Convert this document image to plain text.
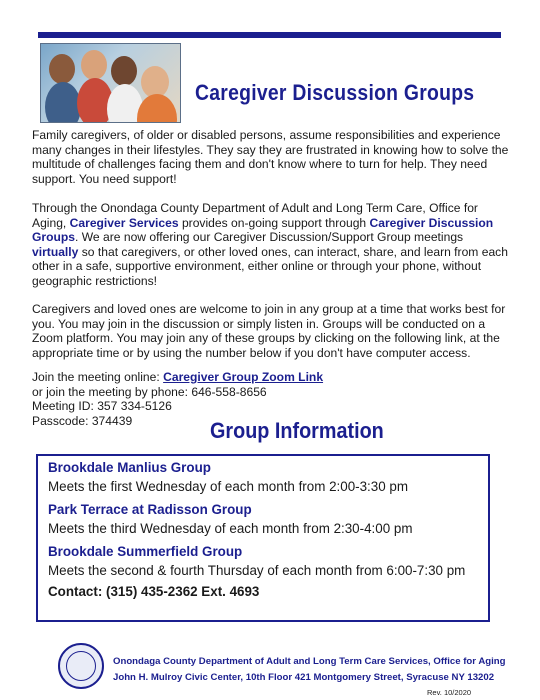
Caregiver Discussion Groups

Family caregivers, of older or disabled persons, assume responsibilities and experience many changes in their lifestyles. They say they are frustrated in knowing how to solve the multitude of challenges facing them and don't know where to turn for help. They need support. You need support!

Through the Onondaga County Department of Adult and Long Term Care, Office for Aging, Caregiver Services provides on-going support through Caregiver Discussion Groups. We are now offering our Caregiver Discussion/Support Group meetings virtually so that caregivers, or other loved ones, can interact, share, and learn from each other in a safe, supportive environment, either online or through your phone, without geographic restrictions!

Caregivers and loved ones are welcome to join in any group at a time that works best for you. You may join in the discussion or simply listen in. Groups will be conducted on a Zoom platform. You may join any of these groups by clicking on the following link, at the appropriate time or by using the number below if you don't have computer access.

Join the meeting online: Caregiver Group Zoom Link
or join the meeting by phone: 646-558-8656
Meeting ID: 357 334-5126
Passcode: 374439	Group Information
Brookdale Manlius Group
Meets the first Wednesday of each month from 2:00-3:30 pm
Park Terrace at Radisson Group
Meets the third Wednesday of each month from 2:30-4:00 pm
Brookdale Summerfield Group
Meets the second & fourth Thursday of each month from 6:00-7:30 pm
Contact: (315) 435-2362 Ext. 4693
Onondaga County Department of Adult and Long Term Care Services, Office for Aging
John H. Mulroy Civic Center, 10th Floor 421 Montgomery Street, Syracuse NY 13202
Rev. 10/2020
